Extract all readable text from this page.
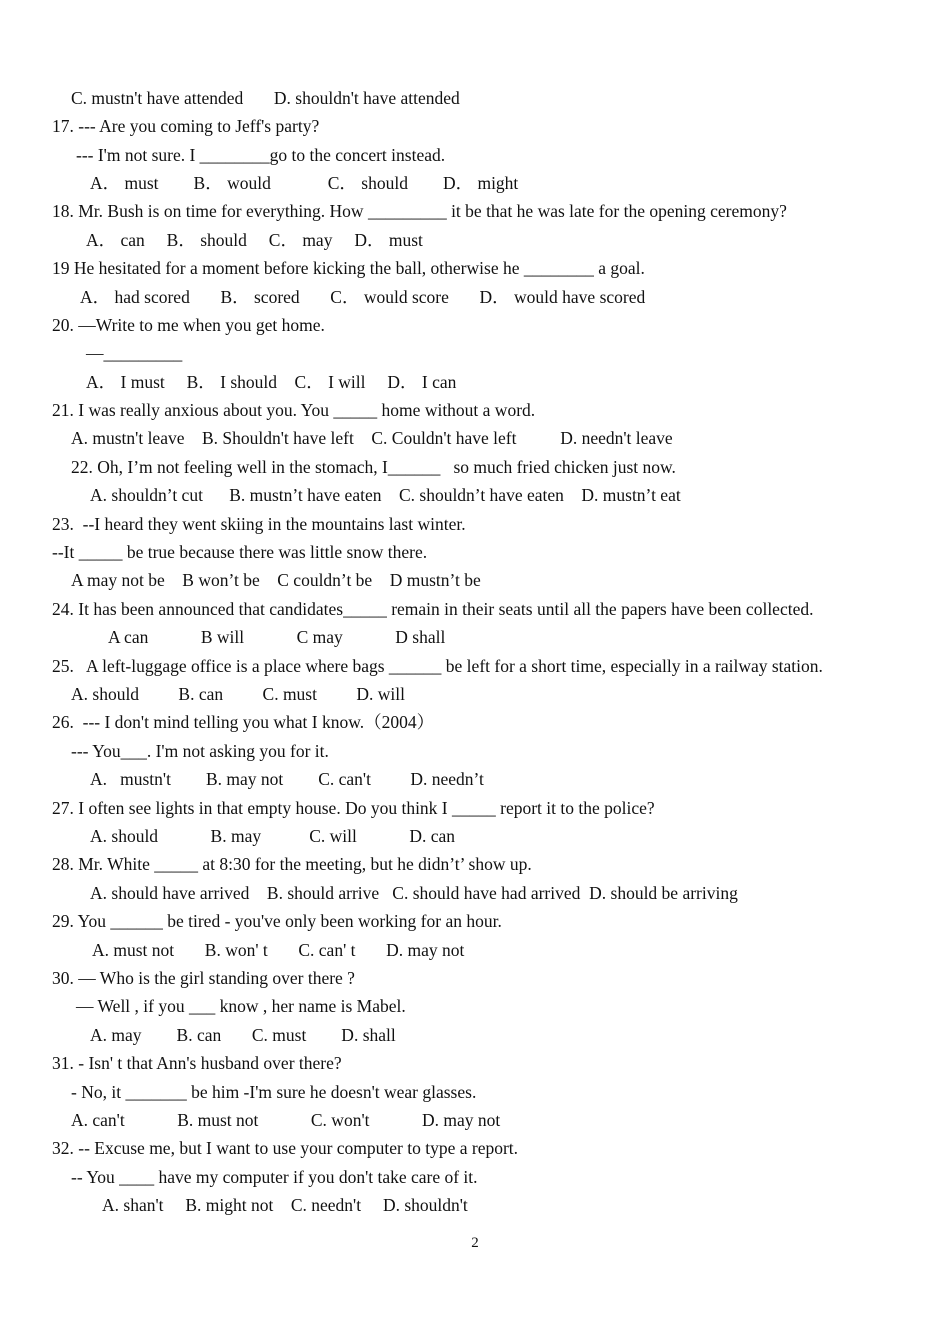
C. mustn't have attended       D. shouldn't have attended
17. --- Are you coming to Jeff's party?
--- I'm not sure. I ________go to the concert instead.
A． must        B． would             C． should        D． might
18. Mr. Bush is on time for everything. How _________ it be that he was late for the opening ceremony?
A． can     B． should     C． may     D． must
19 He hesitated for a moment before kicking the ball, otherwise he ________ a goal.
A． had scored       B． scored       C． would score       D． would have scored
20. —Write to me when you get home.
—_________
A． I must     B． I should    C． I will     D． I can
21. I was really anxious about you. You _____ home without a word.
A. mustn't leave    B. Shouldn't have left    C. Couldn't have left          D. needn't leave
22. Oh, I’m not feeling well in the stomach, I______   so much fried chicken just now.
A. shouldn’t cut      B. mustn’t have eaten    C. shouldn’t have eaten    D. mustn’t eat
23.  --I heard they went skiing in the mountains last winter.
--It _____ be true because there was little snow there.
A may not be    B won’t be    C couldn’t be    D mustn’t be
24. It has been announced that candidates_____ remain in their seats until all the papers have been collected.
A can            B will            C may            D shall
25.   A left-luggage office is a place where bags ______ be left for a short time, especially in a railway station.
A. should         B. can         C. must         D. will
26.  --- I don't mind telling you what I know.（2004）
--- You___. I'm not asking you for it.
A.   mustn't        B. may not        C. can't         D. needn’t
27. I often see lights in that empty house. Do you think I _____ report it to the police?
A. should            B. may           C. will            D. can
28. Mr. White _____ at 8:30 for the meeting, but he didn’t’ show up.
A. should have arrived    B. should arrive   C. should have had arrived  D. should be arriving
29. You ______ be tired - you've only been working for an hour.
A. must not       B. won' t       C. can' t       D. may not
30. — Who is the girl standing over there ?
— Well , if you ___ know , her name is Mabel.
A. may        B. can       C. must        D. shall
31. - Isn' t that Ann's husband over there?
- No, it _______ be him -I'm sure he doesn't wear glasses.
A. can't            B. must not            C. won't            D. may not
32. -- Excuse me, but I want to use your computer to type a report.
-- You ____ have my computer if you don't take care of it.
A. shan't     B. might not    C. needn't     D. shouldn't
2
